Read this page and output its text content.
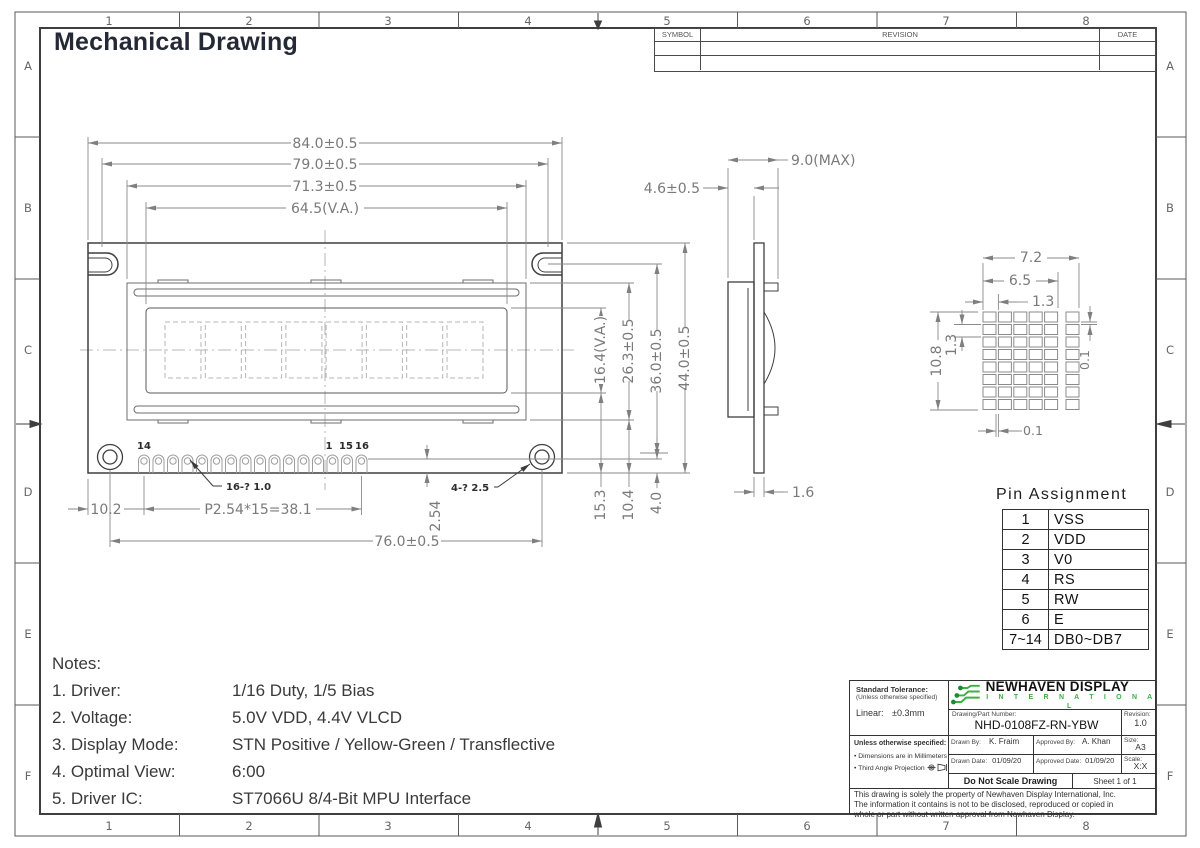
1	2	3	4	5	6	7	8
1	2	3	4	5	6	7	8
A
B
C
D
E
F
A
B
C
D
E
F
14	1 15 16
84.0±0.5
79.0±0.5
71.3±0.5
64.5(V.A.)
16.4(V.A.) 26.3±0.5 36.0±0.5 44.0±0.5
15.3 10.4 4.0
2.54
10.2	P2.54*15=38.1
76.0±0.5
16-? 1.0	4-? 2.5
9.0(MAX)
4.6±0.5
1.6
7.2
6.5
1.3
10.8
1.3
0.1
0.1
Mechanical Drawing	SYMBOL	REVISION	DATE
Notes:
1. Driver:	1/16 Duty, 1/5 Bias
2. Voltage:	5.0V VDD, 4.4V VLCD
3. Display Mode:	STN Positive / Yellow-Green / Transflective
4. Optimal View:	6:00
5. Driver IC:	ST7066U 8/4-Bit MPU Interface
Pin Assignment
1	VSS
2	VDD
3	V0
4	RS
5	RW
6	E
7~14	DB0~DB7
Standard Tolerance:
(Unless otherwise specified)
Linear: ±0.3mm
Unless otherwise specified:
• Dimensions are in Millimeters
• Third Angle Projection
NEWHAVEN DISPLAY
I N T E R N A T I O N A L
Drawing/Part Number:
NHD-0108FZ-RN-YBW
Revision:
1.0
Drawn By: K. Fraim	Approved By: A. Khan	Size:
A3
Drawn Date: 01/09/20	Approved Date: 01/09/20	Scale:
X:X
Do Not Scale Drawing	Sheet 1 of 1
This drawing is solely the property of Newhaven Display International, Inc.
The information it contains is not to be disclosed, reproduced or copied in
whole or part without written approval from Newhaven Display.
